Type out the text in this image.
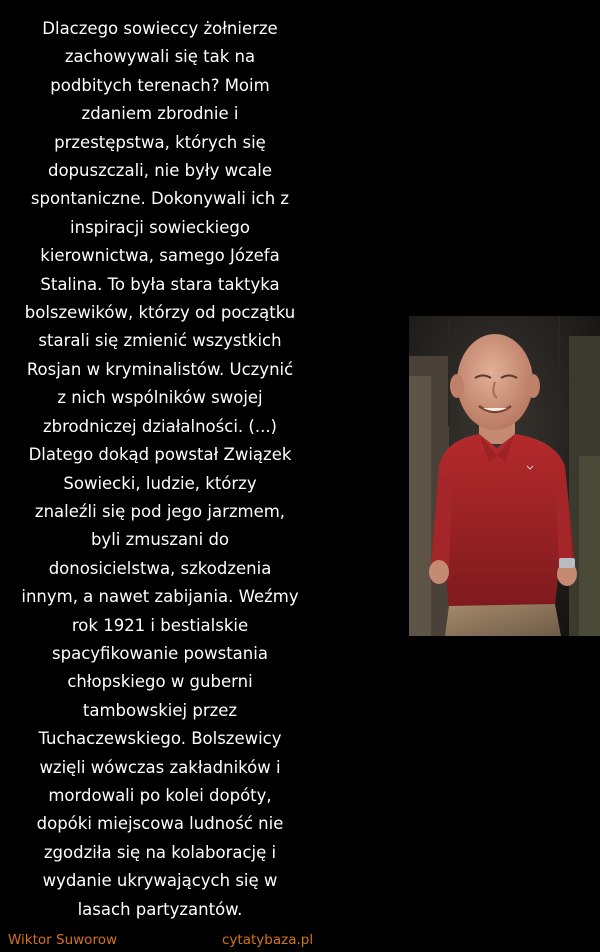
Dlaczego sowieccy żołnierze
zachowywali się tak na
podbitych terenach? Moim
zdaniem zbrodnie i
przestępstwa, których się
dopuszczali, nie były wcale
spontaniczne. Dokonywali ich z
inspiracji sowieckiego
kierownictwa, samego Józefa
Stalina. To była stara taktyka
bolszewików, którzy od początku
starali się zmienić wszystkich
Rosjan w kryminalistów. Uczynić
z nich wspólników swojej
zbrodniczej działalności. (...)
Dlatego dokąd powstał Związek
Sowiecki, ludzie, którzy
znaleźli się pod jego jarzmem,
byli zmuszani do
donosicielstwa, szkodzenia
innym, a nawet zabijania. Weźmy
rok 1921 i bestialskie
spacyfikowanie powstania
chłopskiego w guberni
tambowskiej przez
Tuchaczewskiego. Bolszewicy
wzięli wówczas zakładników i
mordowali po kolei dopóty,
dopóki miejscowa ludność nie
zgodziła się na kolaborację i
wydanie ukrywających się w
lasach partyzantów.

Wiktor Suworow	cytatybaza.pl
